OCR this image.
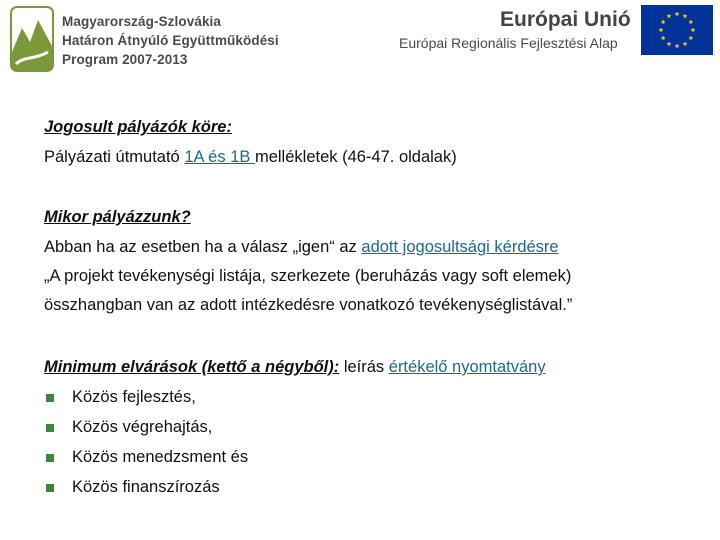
Magyarország-Szlovákia
Határon Átnyúló Együttműködési
Program 2007-2013
Európai Unió
Európai Regionális Fejlesztési Alap
Jogosult pályázók köre:
Pályázati útmutató 1A és 1B mellékletek (46-47. oldalak)
Mikor pályázzunk?
Abban ha az esetben ha a válasz „igen“ az adott jogosultsági kérdésre
„A projekt tevékenységi listája, szerkezete (beruházás vagy soft elemek)
összhangban van az adott intézkedésre vonatkozó tevékenységlistával.”
Minimum elvárások (kettő a négyből): leírás értékelő nyomtatvány
Közös fejlesztés,
Közös végrehajtás,
Közös menedzsment és
Közös finanszírozás
